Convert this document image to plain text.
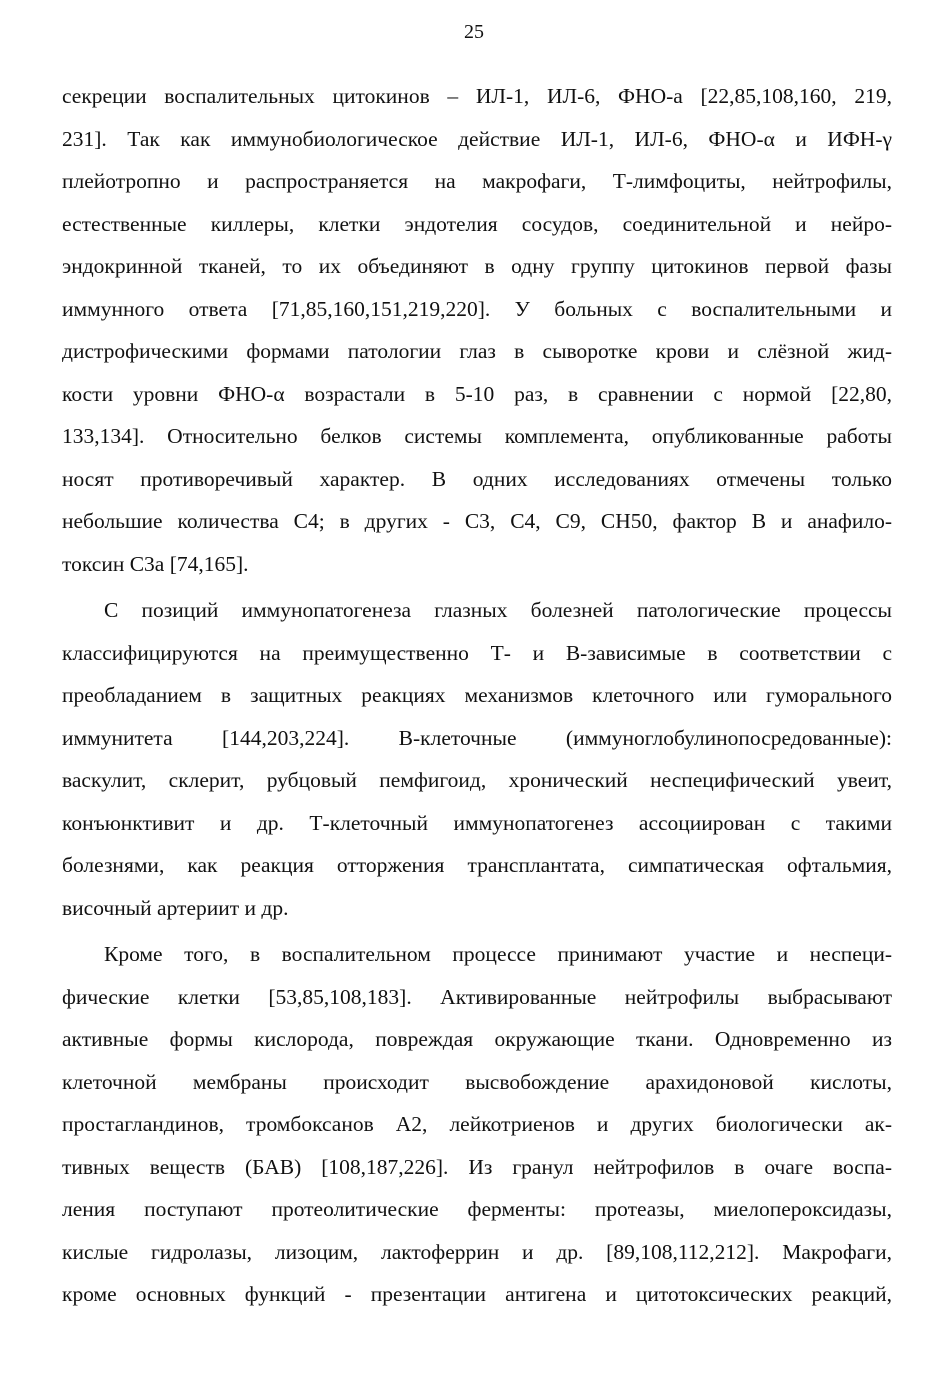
25
секреции воспалительных цитокинов – ИЛ-1, ИЛ-6, ФНО-а [22,85,108,160, 219,
231]. Так как иммунобиологическое действие ИЛ-1, ИЛ-6, ФНО-α и ИФН-γ
плейотропно и распространяется на макрофаги, Т-лимфоциты, нейтрофилы,
естественные киллеры, клетки эндотелия сосудов, соединительной и нейро-
эндокринной тканей, то их объединяют в одну группу цитокинов первой фазы
иммунного ответа [71,85,160,151,219,220]. У больных с воспалительными и
дистрофическими формами патологии глаз в сыворотке крови и слёзной жид-
кости уровни ФНО-α возрастали в 5-10 раз, в сравнении с нормой [22,80,
133,134]. Относительно белков системы комплемента, опубликованные работы
носят противоречивый характер. В одних исследованиях отмечены только
небольшие количества С4; в других - С3, С4, С9, СН50, фактор В и анафило-
токсин С3а [74,165].
С позиций иммунопатогенеза глазных болезней патологические процессы
классифицируются на преимущественно Т- и В-зависимые в соответствии с
преобладанием в защитных реакциях механизмов клеточного или гуморального
иммунитета [144,203,224]. В-клеточные (иммуноглобулинопосредованные):
васкулит, склерит, рубцовый пемфигоид, хронический неспецифический увеит,
конъюнктивит и др. Т-клеточный иммунопатогенез ассоциирован с такими
болезнями, как реакция отторжения трансплантата, симпатическая офтальмия,
височный артериит и др.
Кроме того, в воспалительном процессе принимают участие и неспеци-
фические клетки [53,85,108,183]. Активированные нейтрофилы выбрасывают
активные формы кислорода, повреждая окружающие ткани. Одновременно из
клеточной мембраны происходит высвобождение арахидоновой кислоты,
простагландинов, тромбоксанов А2, лейкотриенов и других биологически ак-
тивных веществ (БАВ) [108,187,226]. Из гранул нейтрофилов в очаге воспа-
ления поступают протеолитические ферменты: протеазы, миелопероксидазы,
кислые гидролазы, лизоцим, лактоферрин и др. [89,108,112,212]. Макрофаги,
кроме основных функций - презентации антигена и цитотоксических реакций,
